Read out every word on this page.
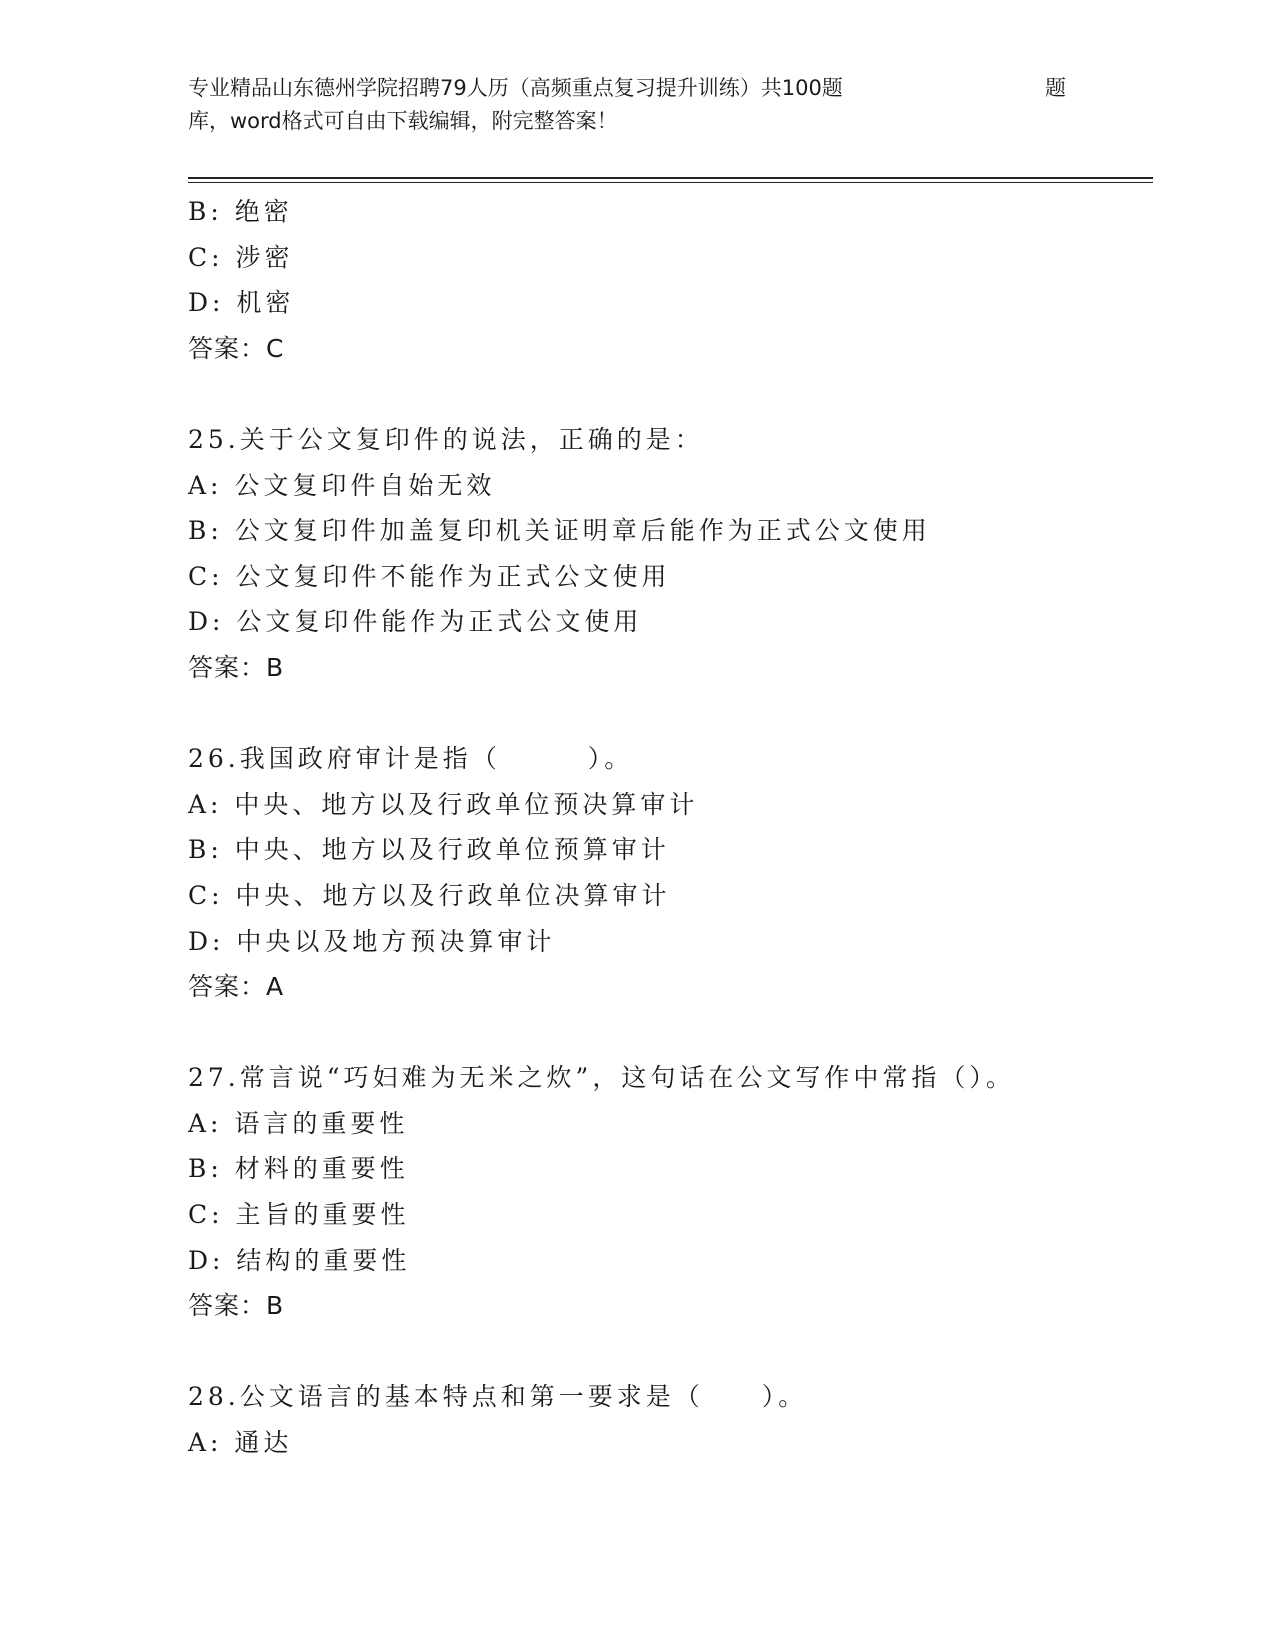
专业精品山东德州学院招聘79人历（高频重点复习提升训练）共100题	题
库，word格式可自由下载编辑，附完整答案！
B: 绝密
C: 涉密
D: 机密
答案：C
25.关于公文复印件的说法，正确的是：
A: 公文复印件自始无效
B: 公文复印件加盖复印机关证明章后能作为正式公文使用
C: 公文复印件不能作为正式公文使用
D: 公文复印件能作为正式公文使用
答案：B
26.我国政府审计是指（　　　）。
A: 中央、地方以及行政单位预决算审计
B: 中央、地方以及行政单位预算审计
C: 中央、地方以及行政单位决算审计
D: 中央以及地方预决算审计
答案：A
27.常言说“巧妇难为无米之炊”，这句话在公文写作中常指（）。
A: 语言的重要性
B: 材料的重要性
C: 主旨的重要性
D: 结构的重要性
答案：B
28.公文语言的基本特点和第一要求是（　　）。
A: 通达
